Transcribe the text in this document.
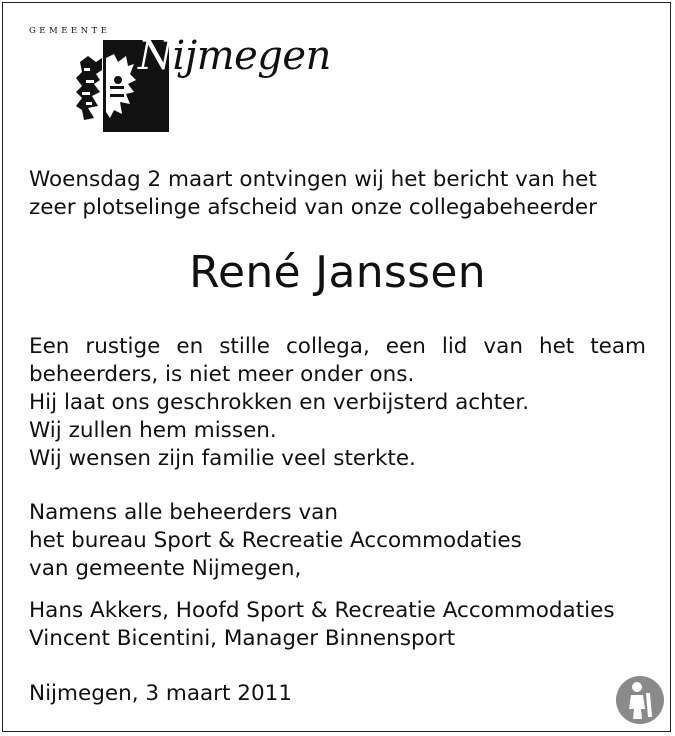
GEMEENTE
Nijmegen
Woensdag 2 maart ontvingen wij het bericht van het
zeer plotselinge afscheid van onze collegabeheerder
René Janssen
Een rustige en stille collega, een lid van het team
beheerders, is niet meer onder ons.
Hij laat ons geschrokken en verbijsterd achter.
Wij zullen hem missen.
Wij wensen zijn familie veel sterkte.
Namens alle beheerders van
het bureau Sport & Recreatie Accommodaties
van gemeente Nijmegen,
Hans Akkers, Hoofd Sport & Recreatie Accommodaties
Vincent Bicentini, Manager Binnensport
Nijmegen, 3 maart 2011
